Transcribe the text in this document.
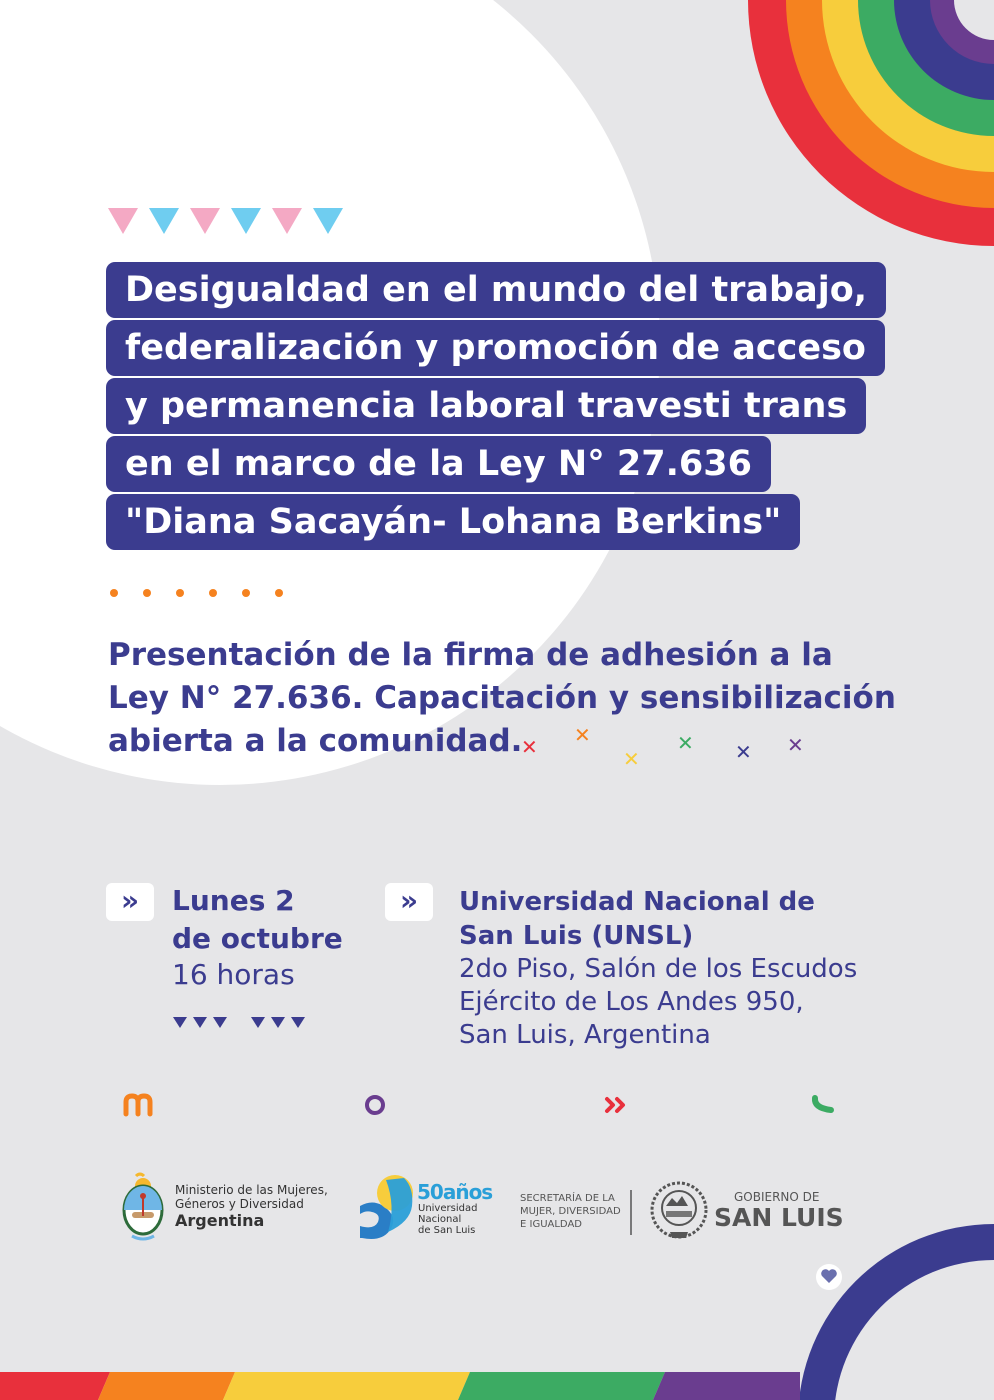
✕ ✕
✕
✕ ✕ ✕
Desigualdad en el mundo del trabajo,
federalización y promoción de acceso
y permanencia laboral travesti trans
en el marco de la Ley N° 27.636
"Diana Sacayán- Lohana Berkins"
Presentación de la firma de adhesión a la
Ley N° 27.636. Capacitación y sensibilización
abierta a la comunidad.
»	Lunes 2
de octubre
16 horas
»	Universidad Nacional de
San Luis (UNSL)
2do Piso, Salón de los Escudos
Ejército de Los Andes 950,
San Luis, Argentina
Ministerio de las Mujeres,
Géneros y Diversidad
Argentina
50años
Universidad
Nacional
de San Luis
SECRETARÍA DE LA
MUJER, DIVERSIDAD
E IGUALDAD
GOBIERNO DE
SAN LUIS
